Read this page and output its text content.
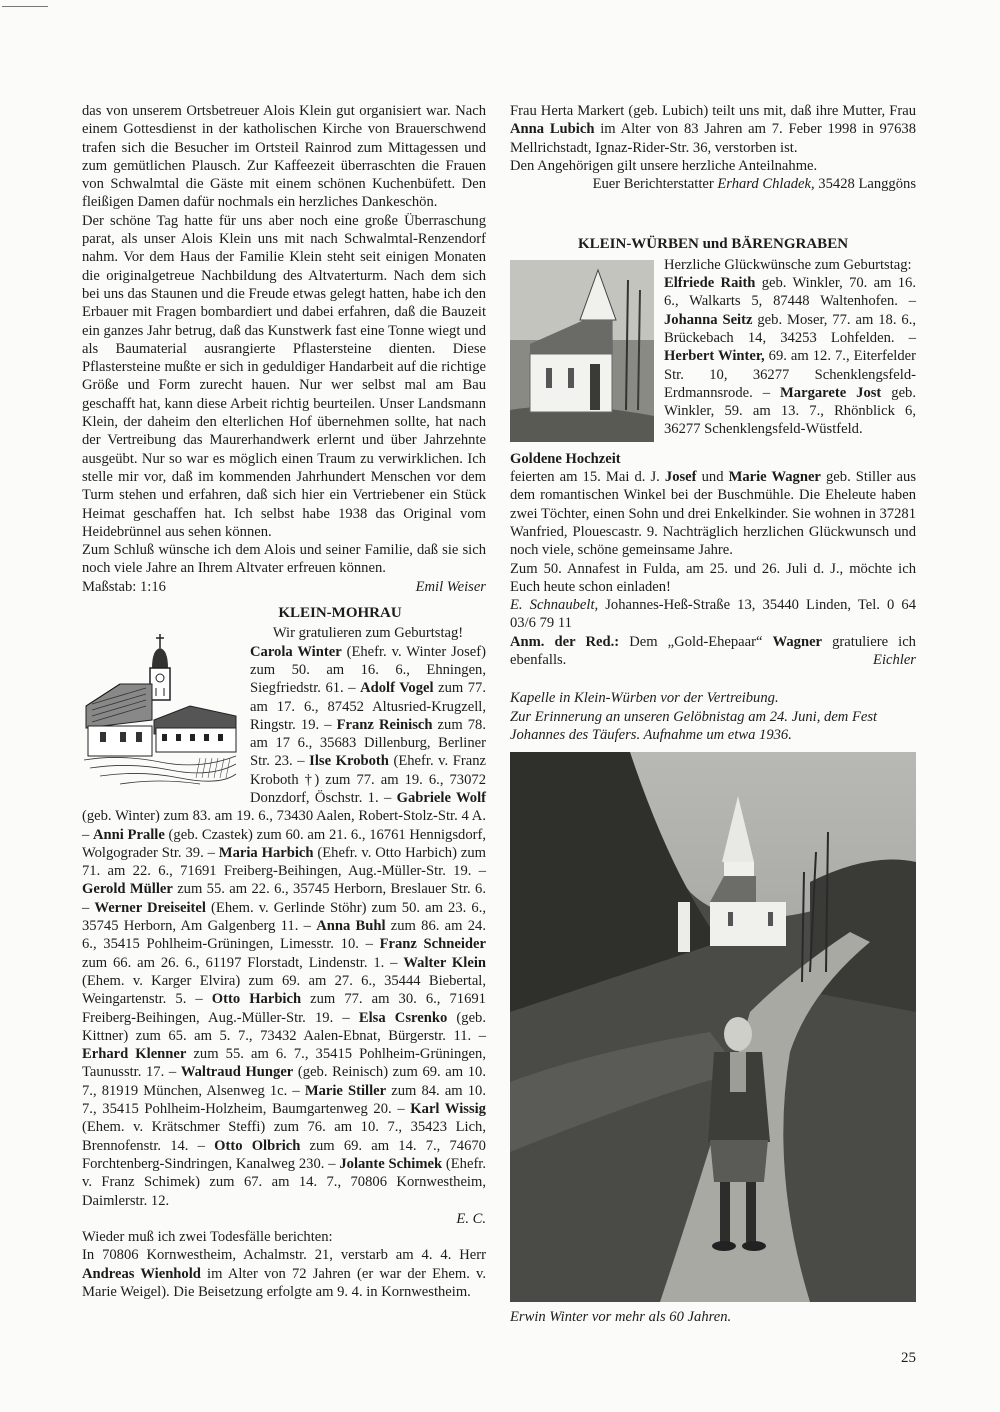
das von unserem Ortsbetreuer Alois Klein gut organisiert war. Nach einem Gottesdienst in der katholischen Kirche von Brauerschwend trafen sich die Besucher im Ortsteil Rainrod zum Mittagessen und zum gemütlichen Plausch. Zur Kaffeezeit überraschten die Frauen von Schwalmtal die Gäste mit einem schönen Kuchenbüfett. Den fleißigen Damen dafür nochmals ein herzliches Dankeschön.

Der schöne Tag hatte für uns aber noch eine große Überraschung parat, als unser Alois Klein uns mit nach Schwalmtal-Renzendorf nahm. Vor dem Haus der Familie Klein steht seit einigen Monaten die originalgetreue Nachbildung des Altvaterturm. Nach dem sich bei uns das Staunen und die Freude etwas gelegt hatten, habe ich den Erbauer mit Fragen bombardiert und dabei erfahren, daß die Bauzeit ein ganzes Jahr betrug, daß das Kunstwerk fast eine Tonne wiegt und als Baumaterial ausrangierte Pflastersteine dienten. Diese Pflastersteine mußte er sich in geduldiger Handarbeit auf die richtige Größe und Form zurecht hauen. Nur wer selbst mal am Bau geschafft hat, kann diese Arbeit richtig beurteilen. Unser Landsmann Klein, der daheim den elterlichen Hof übernehmen sollte, hat nach der Vertreibung das Maurerhandwerk erlernt und über Jahrzehnte ausgeübt. Nur so war es möglich einen Traum zu verwirklichen. Ich stelle mir vor, daß im kommenden Jahrhundert Menschen vor dem Turm stehen und erfahren, daß sich hier ein Vertriebener ein Stück Heimat geschaffen hat. Ich selbst habe 1938 das Original vom Heidebrünnel aus sehen können.

Zum Schluß wünsche ich dem Alois und seiner Familie, daß sie sich noch viele Jahre an Ihrem Altvater erfreuen können.

Maßstab: 1:16	Emil Weiser
KLEIN-MOHRAU

Wir gratulieren zum Geburtstag!

Carola Winter (Ehefr. v. Winter Josef) zum 50. am 16. 6., Ehningen, Siegfriedstr. 61. – Adolf Vogel zum 77. am 17. 6., 87452 Altusried-Krugzell, Ringstr. 19. – Franz Reinisch zum 78. am 17 6., 35683 Dillenburg, Berliner Str. 23. – Ilse Kroboth (Ehefr. v. Franz Kroboth †) zum 77. am 19. 6., 73072 Donzdorf, Öschstr. 1. – Gabriele Wolf (geb. Winter) zum 83. am 19. 6., 73430 Aalen, Robert-Stolz-Str. 4 A. – Anni Pralle (geb. Czastek) zum 60. am 21. 6., 16761 Hennigsdorf, Wolgograder Str. 39. – Maria Harbich (Ehefr. v. Otto Harbich) zum 71. am 22. 6., 71691 Freiberg-Beihingen, Aug.-Müller-Str. 19. – Gerold Müller zum 55. am 22. 6., 35745 Herborn, Breslauer Str. 6. – Werner Dreiseitel (Ehem. v. Gerlinde Stöhr) zum 50. am 23. 6., 35745 Herborn, Am Galgenberg 11. – Anna Buhl zum 86. am 24. 6., 35415 Pohlheim-Grüningen, Limesstr. 10. – Franz Schneider zum 66. am 26. 6., 61197 Florstadt, Lindenstr. 1. – Walter Klein (Ehem. v. Karger Elvira) zum 69. am 27. 6., 35444 Biebertal, Weingartenstr. 5. – Otto Harbich zum 77. am 30. 6., 71691 Freiberg-Beihingen, Aug.-Müller-Str. 19. – Elsa Csrenko (geb. Kittner) zum 65. am 5. 7., 73432 Aalen-Ebnat, Bürgerstr. 11. – Erhard Klenner zum 55. am 6. 7., 35415 Pohlheim-Grüningen, Taunusstr. 17. – Waltraud Hunger (geb. Reinisch) zum 69. am 10. 7., 81919 München, Alsenweg 1c. – Marie Stiller zum 84. am 10. 7., 35415 Pohlheim-Holzheim, Baumgartenweg 20. – Karl Wissig (Ehem. v. Krätschmer Steffi) zum 76. am 10. 7., 35423 Lich, Brennofenstr. 14. – Otto Olbrich zum 69. am 14. 7., 74670 Forchtenberg-Sindringen, Kanalweg 230. – Jolante Schimek (Ehefr. v. Franz Schimek) zum 67. am 14. 7., 70806 Kornwestheim, Daimlerstr. 12.

E. C.

Wieder muß ich zwei Todesfälle berichten:

In 70806 Kornwestheim, Achalmstr. 21, verstarb am 4. 4. Herr Andreas Wienhold im Alter von 72 Jahren (er war der Ehem. v. Marie Weigel). Die Beisetzung erfolgte am 9. 4. in Kornwestheim.

Frau Herta Markert (geb. Lubich) teilt uns mit, daß ihre Mutter, Frau Anna Lubich im Alter von 83 Jahren am 7. Feber 1998 in 97638 Mellrichstadt, Ignaz-Rider-Str. 36, verstorben ist.

Den Angehörigen gilt unsere herzliche Anteilnahme.

Euer Berichterstatter Erhard Chladek, 35428 Langgöns

KLEIN-WÜRBEN und BÄRENGRABEN

Herzliche Glückwünsche zum Geburtstag:

Elfriede Raith geb. Winkler, 70. am 16. 6., Walkarts 5, 87448 Waltenhofen. – Johanna Seitz geb. Moser, 77. am 18. 6., Brückebach 14, 34253 Lohfelden. – Herbert Winter, 69. am 12. 7., Eiterfelder Str. 10, 36277 Schenklengsfeld-Erdmannsrode. – Margarete Jost geb. Winkler, 59. am 13. 7., Rhönblick 6, 36277 Schenklengsfeld-Wüstfeld.

Goldene Hochzeit

feierten am 15. Mai d. J. Josef und Marie Wagner geb. Stiller aus dem romantischen Winkel bei der Buschmühle. Die Eheleute haben zwei Töchter, einen Sohn und drei Enkelkinder. Sie wohnen in 37281 Wanfried, Plouescastr. 9. Nachträglich herzlichen Glückwunsch und noch viele, schöne gemeinsame Jahre.

Zum 50. Annafest in Fulda, am 25. und 26. Juli d. J., möchte ich Euch heute schon einladen!

E. Schnaubelt, Johannes-Heß-Straße 13, 35440 Linden, Tel. 0 64 03/6 79 11

Anm. der Red.: Dem „Gold-Ehepaar“ Wagner gratuliere ich ebenfalls.	Eichler

Kapelle in Klein-Würben vor der Vertreibung.

Zur Erinnerung an unseren Gelöbnistag am 24. Juni, dem Fest Johannes des Täufers. Aufnahme um etwa 1936.

Erwin Winter vor mehr als 60 Jahren.

25
